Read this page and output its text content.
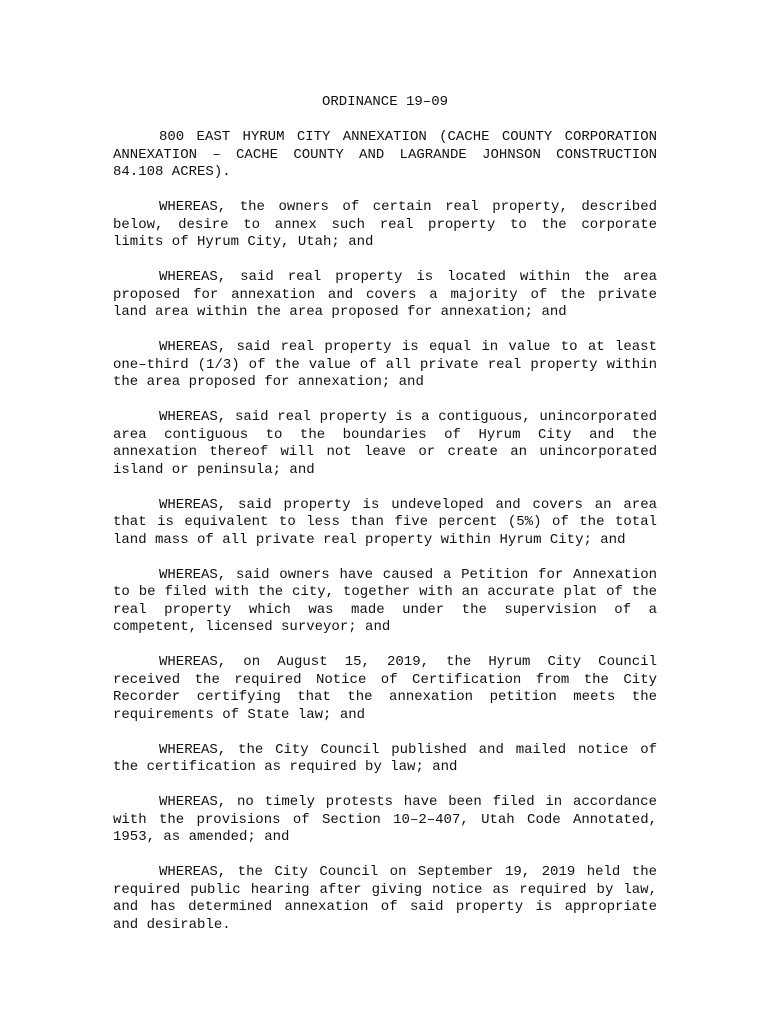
ORDINANCE 19–09

800 EAST HYRUM CITY ANNEXATION (CACHE COUNTY CORPORATION ANNEXATION – CACHE COUNTY AND LAGRANDE JOHNSON CONSTRUCTION 84.108 ACRES).

WHEREAS, the owners of certain real property, described below, desire to annex such real property to the corporate limits of Hyrum City, Utah; and

WHEREAS, said real property is located within the area proposed for annexation and covers a majority of the private land area within the area proposed for annexation; and

WHEREAS, said real property is equal in value to at least one–third (1/3) of the value of all private real property within the area proposed for annexation; and

WHEREAS, said real property is a contiguous, unincorporated area contiguous to the boundaries of Hyrum City and the annexation thereof will not leave or create an unincorporated island or peninsula; and

WHEREAS, said property is undeveloped and covers an area that is equivalent to less than five percent (5%) of the total land mass of all private real property within Hyrum City; and

WHEREAS, said owners have caused a Petition for Annexation to be filed with the city, together with an accurate plat of the real property which was made under the supervision of a competent, licensed surveyor; and

WHEREAS, on August 15, 2019, the Hyrum City Council received the required Notice of Certification from the City Recorder certifying that the annexation petition meets the requirements of State law; and

WHEREAS, the City Council published and mailed notice of the certification as required by law; and

WHEREAS, no timely protests have been filed in accordance with the provisions of Section 10–2–407, Utah Code Annotated, 1953, as amended; and

WHEREAS, the City Council on September 19, 2019 held the required public hearing after giving notice as required by law, and has determined annexation of said property is appropriate and desirable.
